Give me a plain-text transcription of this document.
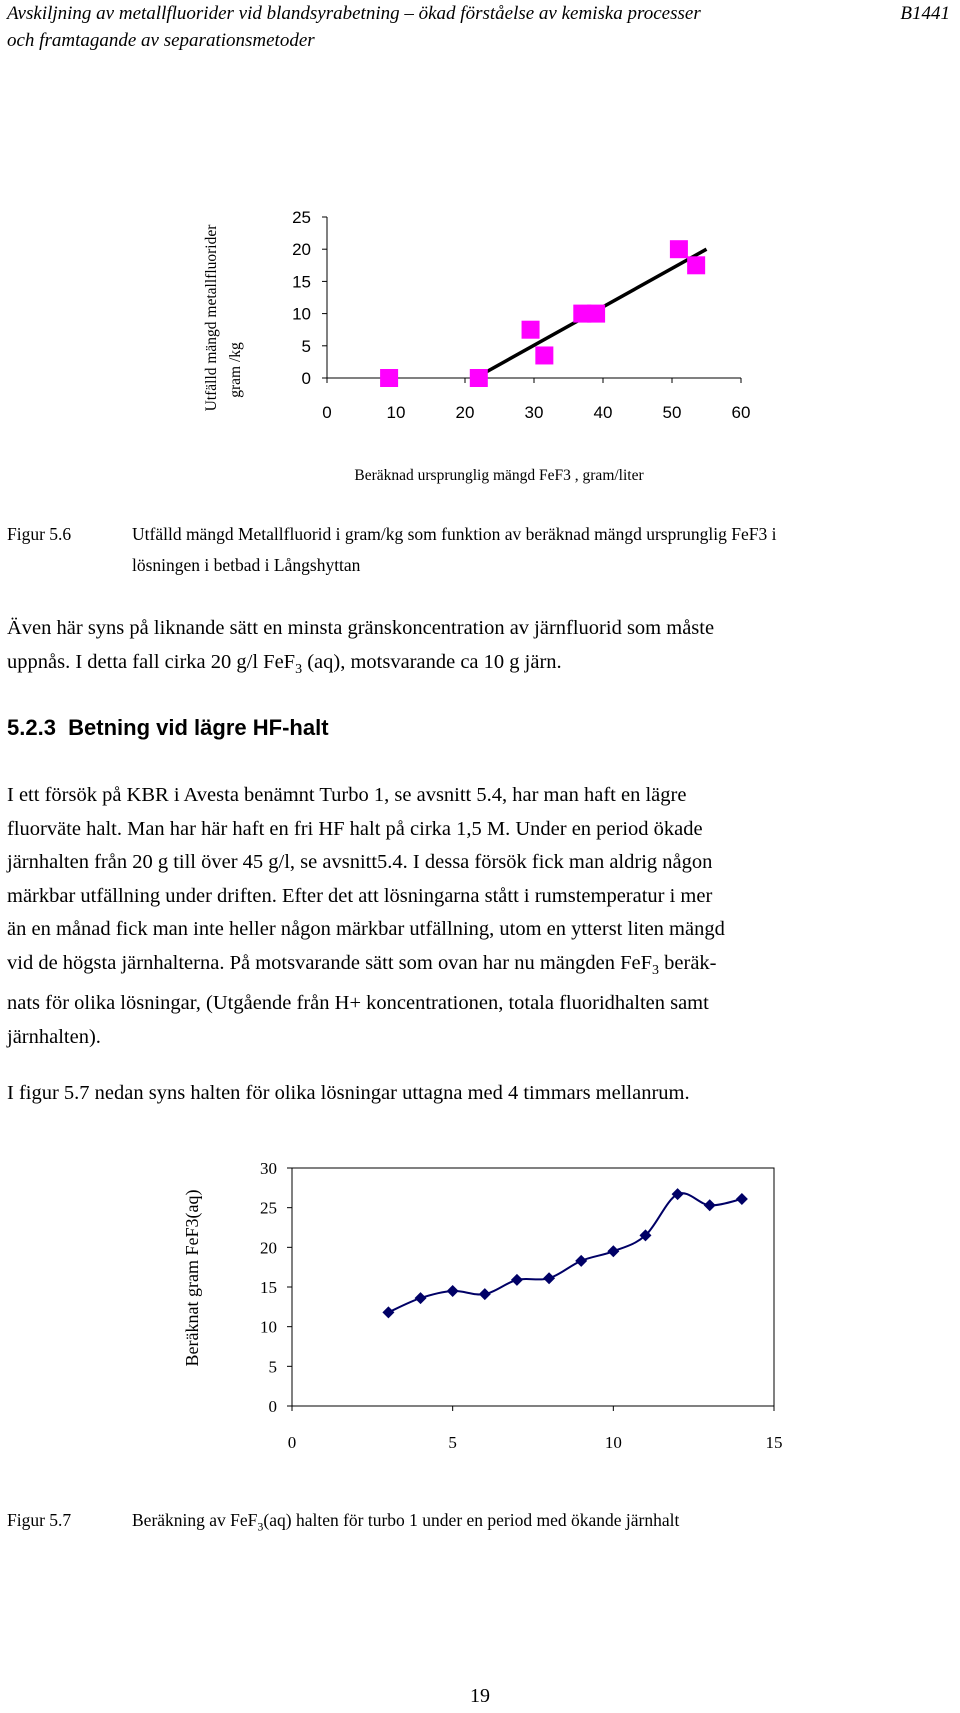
Avskiljning av metallfluorider vid blandsyrabetning – ökad förståelse av kemiska processer
och framtagande av separationsmetoder
B1441
25
20
15
10
5
0
0	10	20	30	40	50	60
Beräknad ursprunglig mängd FeF3 , gram/liter
Utfälld mängd metallfluorider gram /kg
Figur 5.6	Utfälld mängd Metallfluorid i gram/kg som funktion av beräknad mängd ursprunglig FeF3 i
lösningen i betbad i Långshyttan
Även här syns på liknande sätt en minsta gränskoncentration av järnfluorid som måste
uppnås. I detta fall cirka 20 g/l FeF$_3$ (aq), motsvarande ca 10 g järn.
5.2.3 Betning vid lägre HF-halt
I ett försök på KBR i Avesta benämnt Turbo 1, se avsnitt 5.4, har man haft en lägre
fluorväte halt. Man har här haft en fri HF halt på cirka 1,5 M. Under en period ökade
järnhalten från 20 g till över 45 g/l, se avsnitt5.4. I dessa försök fick man aldrig någon
märkbar utfällning under driften. Efter det att lösningarna stått i rumstemperatur i mer
än en månad fick man inte heller någon märkbar utfällning, utom en ytterst liten mängd
vid de högsta järnhalterna. På motsvarande sätt som ovan har nu mängden FeF$_3$ beräk-
nats för olika lösningar, (Utgående från H+ koncentrationen, totala fluoridhalten samt
järnhalten).
I figur 5.7 nedan syns halten för olika lösningar uttagna med 4 timmars mellanrum.
30
25
20
15
10
5
0
0	5	10	15
Beräknat gram FeF3(aq)
Figur 5.7	Beräkning av FeF$_3$(aq) halten för turbo 1 under en period med ökande järnhalt
19
